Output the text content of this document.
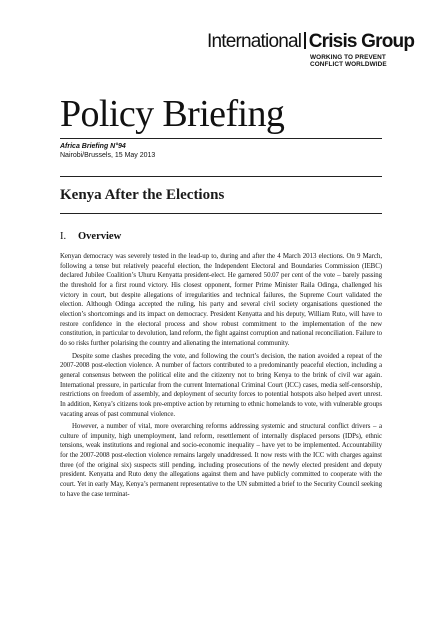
International Crisis Group
WORKING TO PREVENT
CONFLICT WORLDWIDE
Policy Briefing
Africa Briefing N°94
Nairobi/Brussels, 15 May 2013
Kenya After the Elections
I. Overview

Kenyan democracy was severely tested in the lead-up to, during and after the 4 March 2013 elections. On 9 March, following a tense but relatively peaceful election, the Independent Electoral and Boundaries Commission (IEBC) declared Jubilee Coalition’s Uhuru Kenyatta president-elect. He garnered 50.07 per cent of the vote – barely passing the threshold for a first round victory. His closest opponent, former Prime Minister Raila Odinga, challenged his victory in court, but despite allegations of irregularities and technical failures, the Supreme Court validated the election. Although Odinga accepted the ruling, his party and several civil society organisations questioned the election’s shortcomings and its impact on democracy. President Kenyatta and his deputy, William Ruto, will have to restore confidence in the electoral process and show robust commitment to the implementation of the new constitution, in particular to devolution, land reform, the fight against corruption and national reconciliation. Failure to do so risks further polarising the country and alienating the international community.

Despite some clashes preceding the vote, and following the court’s decision, the nation avoided a repeat of the 2007-2008 post-election violence. A number of factors contributed to a predominantly peaceful election, including a general consensus between the political elite and the citizenry not to bring Kenya to the brink of civil war again. International pressure, in particular from the current International Criminal Court (ICC) cases, media self-censorship, restrictions on freedom of assembly, and deployment of security forces to potential hotspots also helped avert unrest. In addition, Kenya’s citizens took pre-emptive action by returning to ethnic homelands to vote, with vulnerable groups vacating areas of past communal violence.

However, a number of vital, more overarching reforms addressing systemic and structural conflict drivers – a culture of impunity, high unemployment, land reform, resettlement of internally displaced persons (IDPs), ethnic tensions, weak institutions and regional and socio-economic inequality – have yet to be implemented. Accountability for the 2007-2008 post-election violence remains largely unaddressed. It now rests with the ICC with charges against three (of the original six) suspects still pending, including prosecutions of the newly elected president and deputy president. Kenyatta and Ruto deny the allegations against them and have publicly committed to cooperate with the court. Yet in early May, Kenya’s permanent representative to the UN submitted a brief to the Security Council seeking to have the case terminat-
